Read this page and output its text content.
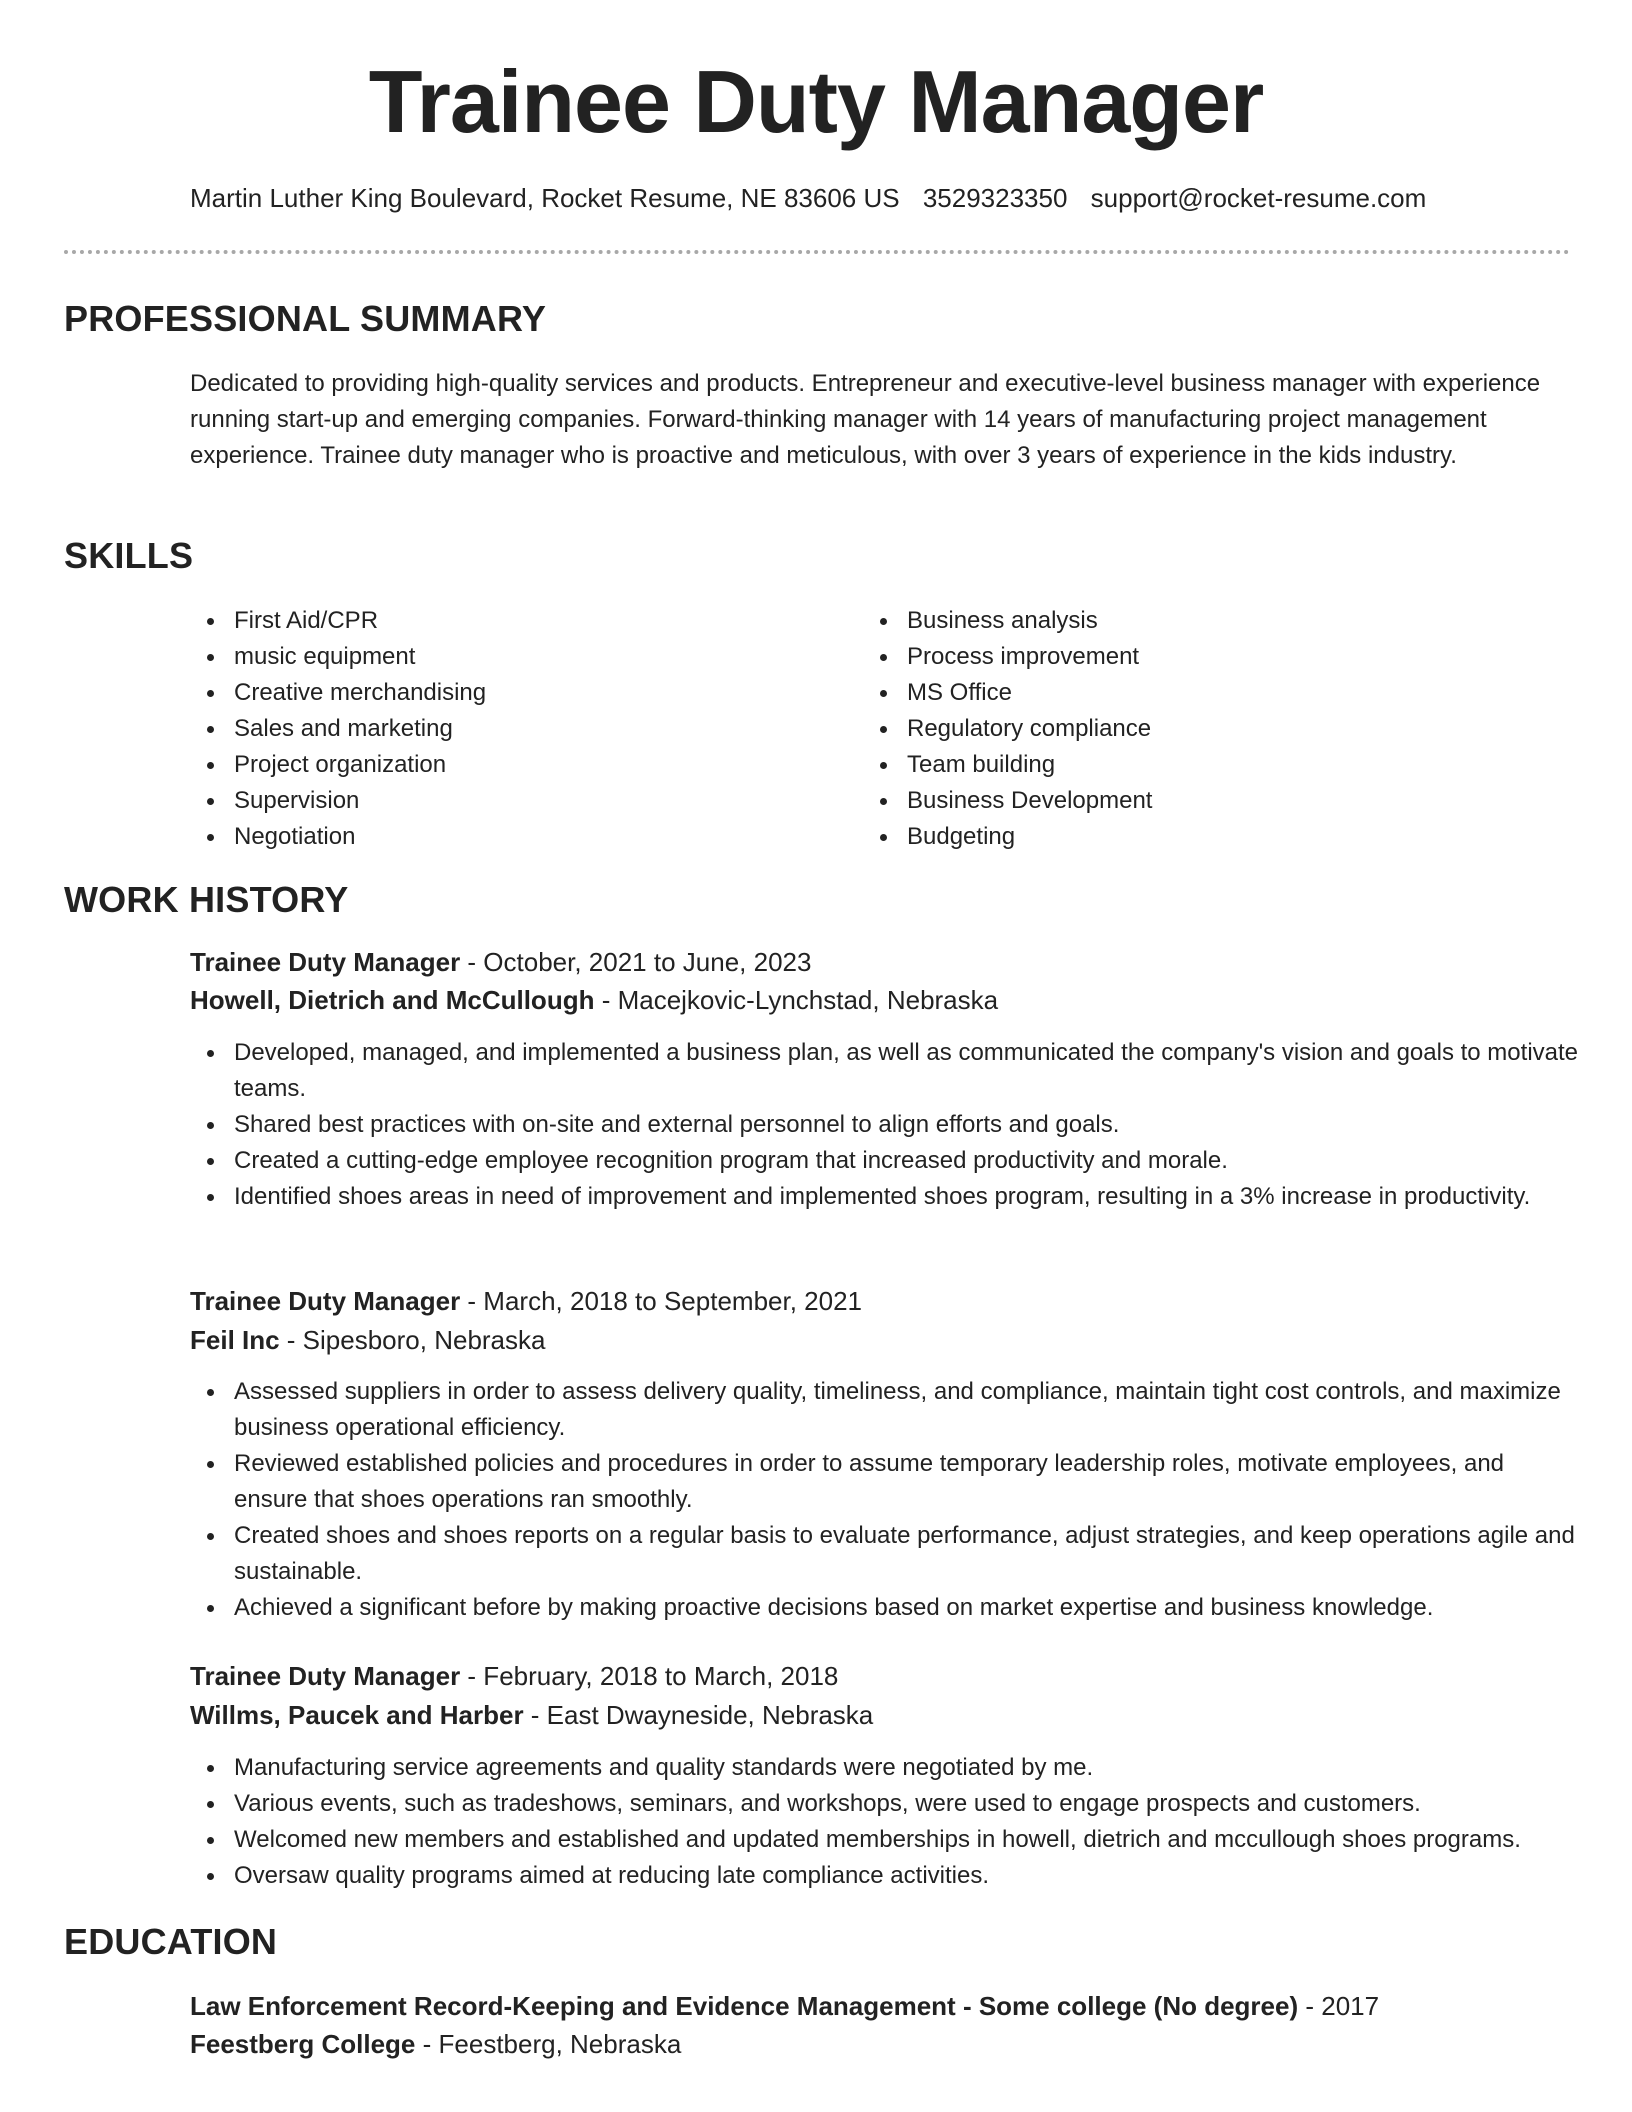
Trainee Duty Manager
Martin Luther King Boulevard, Rocket Resume, NE 83606 US 3529323350 support@rocket-resume.com
PROFESSIONAL SUMMARY

Dedicated to providing high-quality services and products. Entrepreneur and executive-level business manager with experience running start-up and emerging companies. Forward-thinking manager with 14 years of manufacturing project management experience. Trainee duty manager who is proactive and meticulous, with over 3 years of experience in the kids industry.

SKILLS
First Aid/CPR
music equipment
Creative merchandising
Sales and marketing
Project organization
Supervision
Negotiation
Business analysis
Process improvement
MS Office
Regulatory compliance
Team building
Business Development
Budgeting
WORK HISTORY
Trainee Duty Manager - October, 2021 to June, 2023
Howell, Dietrich and McCullough - Macejkovic-Lynchstad, Nebraska
Developed, managed, and implemented a business plan, as well as communicated the company's vision and goals to motivate teams.
Shared best practices with on-site and external personnel to align efforts and goals.
Created a cutting-edge employee recognition program that increased productivity and morale.
Identified shoes areas in need of improvement and implemented shoes program, resulting in a 3% increase in productivity.
Trainee Duty Manager - March, 2018 to September, 2021
Feil Inc - Sipesboro, Nebraska
Assessed suppliers in order to assess delivery quality, timeliness, and compliance, maintain tight cost controls, and maximize business operational efficiency.
Reviewed established policies and procedures in order to assume temporary leadership roles, motivate employees, and ensure that shoes operations ran smoothly.
Created shoes and shoes reports on a regular basis to evaluate performance, adjust strategies, and keep operations agile and sustainable.
Achieved a significant before by making proactive decisions based on market expertise and business knowledge.
Trainee Duty Manager - February, 2018 to March, 2018
Willms, Paucek and Harber - East Dwayneside, Nebraska
Manufacturing service agreements and quality standards were negotiated by me.
Various events, such as tradeshows, seminars, and workshops, were used to engage prospects and customers.
Welcomed new members and established and updated memberships in howell, dietrich and mccullough shoes programs.
Oversaw quality programs aimed at reducing late compliance activities.
EDUCATION
Law Enforcement Record-Keeping and Evidence Management - Some college (No degree) - 2017
Feestberg College - Feestberg, Nebraska
